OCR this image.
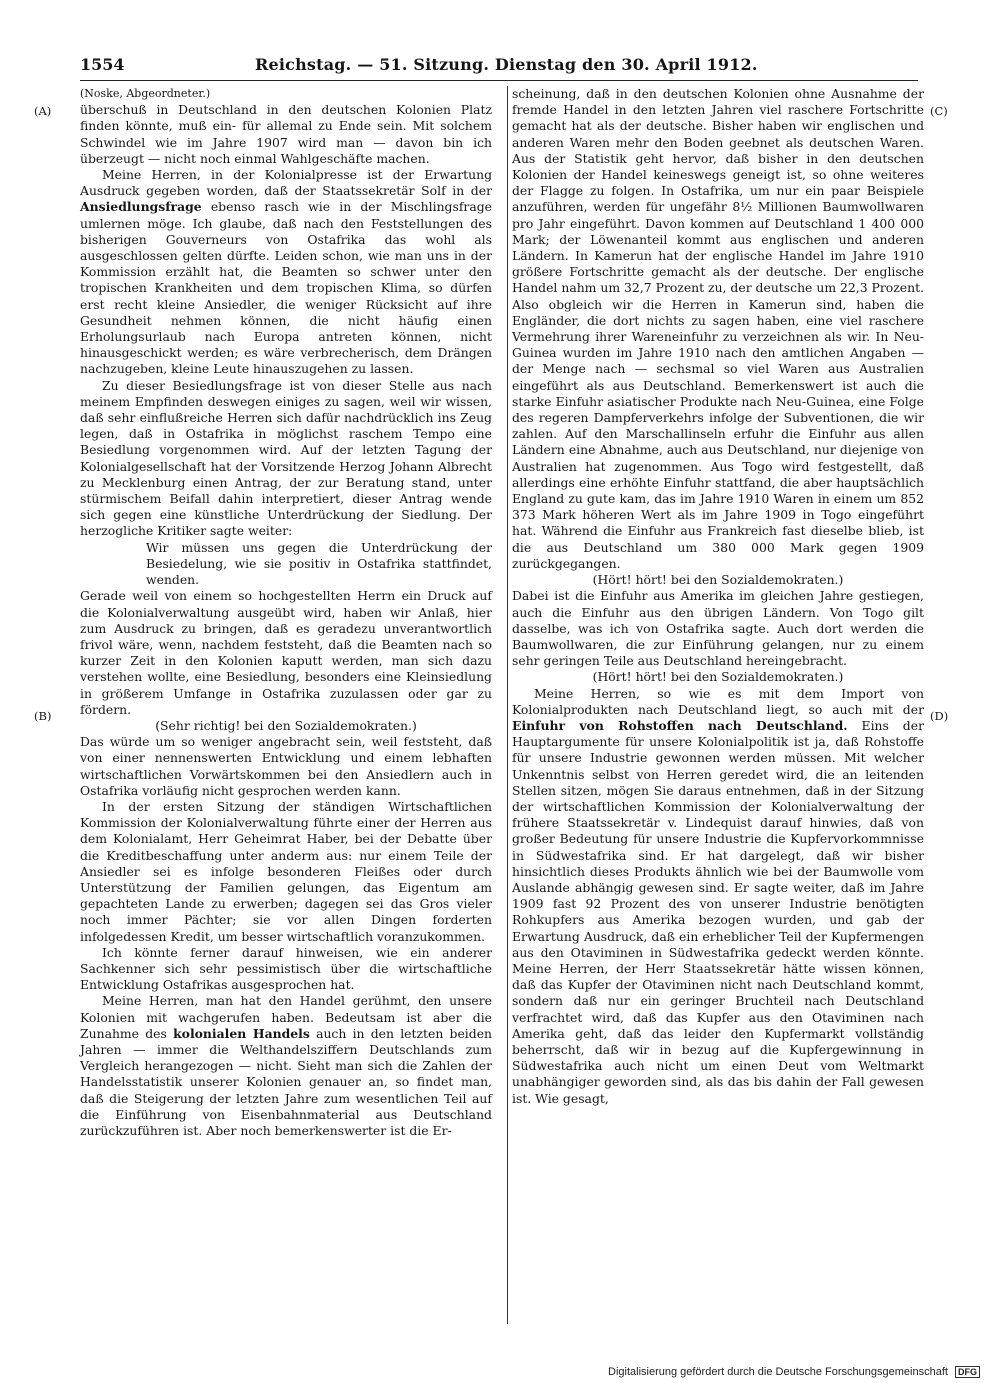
1554	Reichstag. — 51. Sitzung. Dienstag den 30. April 1912.
(A)
(B)
(C)
(D)

(Noske, Abgeordneter.)

überschuß in Deutschland in den deutschen Kolonien Platz finden könnte, muß ein- für allemal zu Ende sein. Mit solchem Schwindel wie im Jahre 1907 wird man — davon bin ich überzeugt — nicht noch einmal Wahlgeschäfte machen.

Meine Herren, in der Kolonialpresse ist der Erwartung Ausdruck gegeben worden, daß der Staatssekretär Solf in der Ansiedlungsfrage ebenso rasch wie in der Mischlingsfrage umlernen möge. Ich glaube, daß nach den Feststellungen des bisherigen Gouverneurs von Ostafrika das wohl als ausgeschlossen gelten dürfte. Leiden schon, wie man uns in der Kommission erzählt hat, die Beamten so schwer unter den tropischen Krankheiten und dem tropischen Klima, so dürfen erst recht kleine Ansiedler, die weniger Rücksicht auf ihre Gesundheit nehmen können, die nicht häufig einen Erholungsurlaub nach Europa antreten können, nicht hinausgeschickt werden; es wäre verbrecherisch, dem Drängen nachzugeben, kleine Leute hinauszugehen zu lassen.

Zu dieser Besiedlungsfrage ist von dieser Stelle aus nach meinem Empfinden deswegen einiges zu sagen, weil wir wissen, daß sehr einflußreiche Herren sich dafür nachdrücklich ins Zeug legen, daß in Ostafrika in möglichst raschem Tempo eine Besiedlung vorgenommen wird. Auf der letzten Tagung der Kolonialgesellschaft hat der Vorsitzende Herzog Johann Albrecht zu Mecklenburg einen Antrag, der zur Beratung stand, unter stürmischem Beifall dahin interpretiert, dieser Antrag wende sich gegen eine künstliche Unterdrückung der Siedlung. Der herzogliche Kritiker sagte weiter:

Wir müssen uns gegen die Unterdrückung der Besiedelung, wie sie positiv in Ostafrika stattfindet, wenden.

Gerade weil von einem so hochgestellten Herrn ein Druck auf die Kolonialverwaltung ausgeübt wird, haben wir Anlaß, hier zum Ausdruck zu bringen, daß es geradezu unverantwortlich frivol wäre, wenn, nachdem feststeht, daß die Beamten nach so kurzer Zeit in den Kolonien kaputt werden, man sich dazu verstehen wollte, eine Besiedlung, besonders eine Kleinsiedlung in größerem Umfange in Ostafrika zuzulassen oder gar zu fördern.

(Sehr richtig! bei den Sozialdemokraten.)

Das würde um so weniger angebracht sein, weil feststeht, daß von einer nennenswerten Entwicklung und einem lebhaften wirtschaftlichen Vorwärtskommen bei den Ansiedlern auch in Ostafrika vorläufig nicht gesprochen werden kann.

In der ersten Sitzung der ständigen Wirtschaftlichen Kommission der Kolonialverwaltung führte einer der Herren aus dem Kolonialamt, Herr Geheimrat Haber, bei der Debatte über die Kreditbeschaffung unter anderm aus: nur einem Teile der Ansiedler sei es infolge besonderen Fleißes oder durch Unterstützung der Familien gelungen, das Eigentum am gepachteten Lande zu erwerben; dagegen sei das Gros vieler noch immer Pächter; sie vor allen Dingen forderten infolgedessen Kredit, um besser wirtschaftlich voranzukommen.

Ich könnte ferner darauf hinweisen, wie ein anderer Sachkenner sich sehr pessimistisch über die wirtschaftliche Entwicklung Ostafrikas ausgesprochen hat.

Meine Herren, man hat den Handel gerühmt, den unsere Kolonien mit wachgerufen haben. Bedeutsam ist aber die Zunahme des kolonialen Handels auch in den letzten beiden Jahren — immer die Welthandelsziffern Deutschlands zum Vergleich herangezogen — nicht. Sieht man sich die Zahlen der Handelsstatistik unserer Kolonien genauer an, so findet man, daß die Steigerung der letzten Jahre zum wesentlichen Teil auf die Einführung von Eisenbahnmaterial aus Deutschland zurückzuführen ist. Aber noch bemerkenswerter ist die Er-

scheinung, daß in den deutschen Kolonien ohne Ausnahme der fremde Handel in den letzten Jahren viel raschere Fortschritte gemacht hat als der deutsche. Bisher haben wir englischen und anderen Waren mehr den Boden geebnet als deutschen Waren. Aus der Statistik geht hervor, daß bisher in den deutschen Kolonien der Handel keineswegs geneigt ist, so ohne weiteres der Flagge zu folgen. In Ostafrika, um nur ein paar Beispiele anzuführen, werden für ungefähr 8½ Millionen Baumwollwaren pro Jahr eingeführt. Davon kommen auf Deutschland 1 400 000 Mark; der Löwenanteil kommt aus englischen und anderen Ländern. In Kamerun hat der englische Handel im Jahre 1910 größere Fortschritte gemacht als der deutsche. Der englische Handel nahm um 32,7 Prozent zu, der deutsche um 22,3 Prozent. Also obgleich wir die Herren in Kamerun sind, haben die Engländer, die dort nichts zu sagen haben, eine viel raschere Vermehrung ihrer Wareneinfuhr zu verzeichnen als wir. In Neu-Guinea wurden im Jahre 1910 nach den amtlichen Angaben — der Menge nach — sechsmal so viel Waren aus Australien eingeführt als aus Deutschland. Bemerkenswert ist auch die starke Einfuhr asiatischer Produkte nach Neu-Guinea, eine Folge des regeren Dampferverkehrs infolge der Subventionen, die wir zahlen. Auf den Marschallinseln erfuhr die Einfuhr aus allen Ländern eine Abnahme, auch aus Deutschland, nur diejenige von Australien hat zugenommen. Aus Togo wird festgestellt, daß allerdings eine erhöhte Einfuhr stattfand, die aber hauptsächlich England zu gute kam, das im Jahre 1910 Waren in einem um 852 373 Mark höheren Wert als im Jahre 1909 in Togo eingeführt hat. Während die Einfuhr aus Frankreich fast dieselbe blieb, ist die aus Deutschland um 380 000 Mark gegen 1909 zurückgegangen.

(Hört! hört! bei den Sozialdemokraten.)

Dabei ist die Einfuhr aus Amerika im gleichen Jahre gestiegen, auch die Einfuhr aus den übrigen Ländern. Von Togo gilt dasselbe, was ich von Ostafrika sagte. Auch dort werden die Baumwollwaren, die zur Einführung gelangen, nur zu einem sehr geringen Teile aus Deutschland hereingebracht.

(Hört! hört! bei den Sozialdemokraten.)

Meine Herren, so wie es mit dem Import von Kolonialprodukten nach Deutschland liegt, so auch mit der Einfuhr von Rohstoffen nach Deutschland. Eins der Hauptargumente für unsere Kolonialpolitik ist ja, daß Rohstoffe für unsere Industrie gewonnen werden müssen. Mit welcher Unkenntnis selbst von Herren geredet wird, die an leitenden Stellen sitzen, mögen Sie daraus entnehmen, daß in der Sitzung der wirtschaftlichen Kommission der Kolonialverwaltung der frühere Staatssekretär v. Lindequist darauf hinwies, daß von großer Bedeutung für unsere Industrie die Kupfervorkommnisse in Südwestafrika sind. Er hat dargelegt, daß wir bisher hinsichtlich dieses Produkts ähnlich wie bei der Baumwolle vom Auslande abhängig gewesen sind. Er sagte weiter, daß im Jahre 1909 fast 92 Prozent des von unserer Industrie benötigten Rohkupfers aus Amerika bezogen wurden, und gab der Erwartung Ausdruck, daß ein erheblicher Teil der Kupfermengen aus den Otaviminen in Südwestafrika gedeckt werden könnte. Meine Herren, der Herr Staatssekretär hätte wissen können, daß das Kupfer der Otaviminen nicht nach Deutschland kommt, sondern daß nur ein geringer Bruchteil nach Deutschland verfrachtet wird, daß das Kupfer aus den Otaviminen nach Amerika geht, daß das leider den Kupfermarkt vollständig beherrscht, daß wir in bezug auf die Kupfergewinnung in Südwestafrika auch nicht um einen Deut vom Weltmarkt unabhängiger geworden sind, als das bis dahin der Fall gewesen ist. Wie gesagt,

Digitalisierung gefördert durch die Deutsche Forschungsgemeinschaft DFG
